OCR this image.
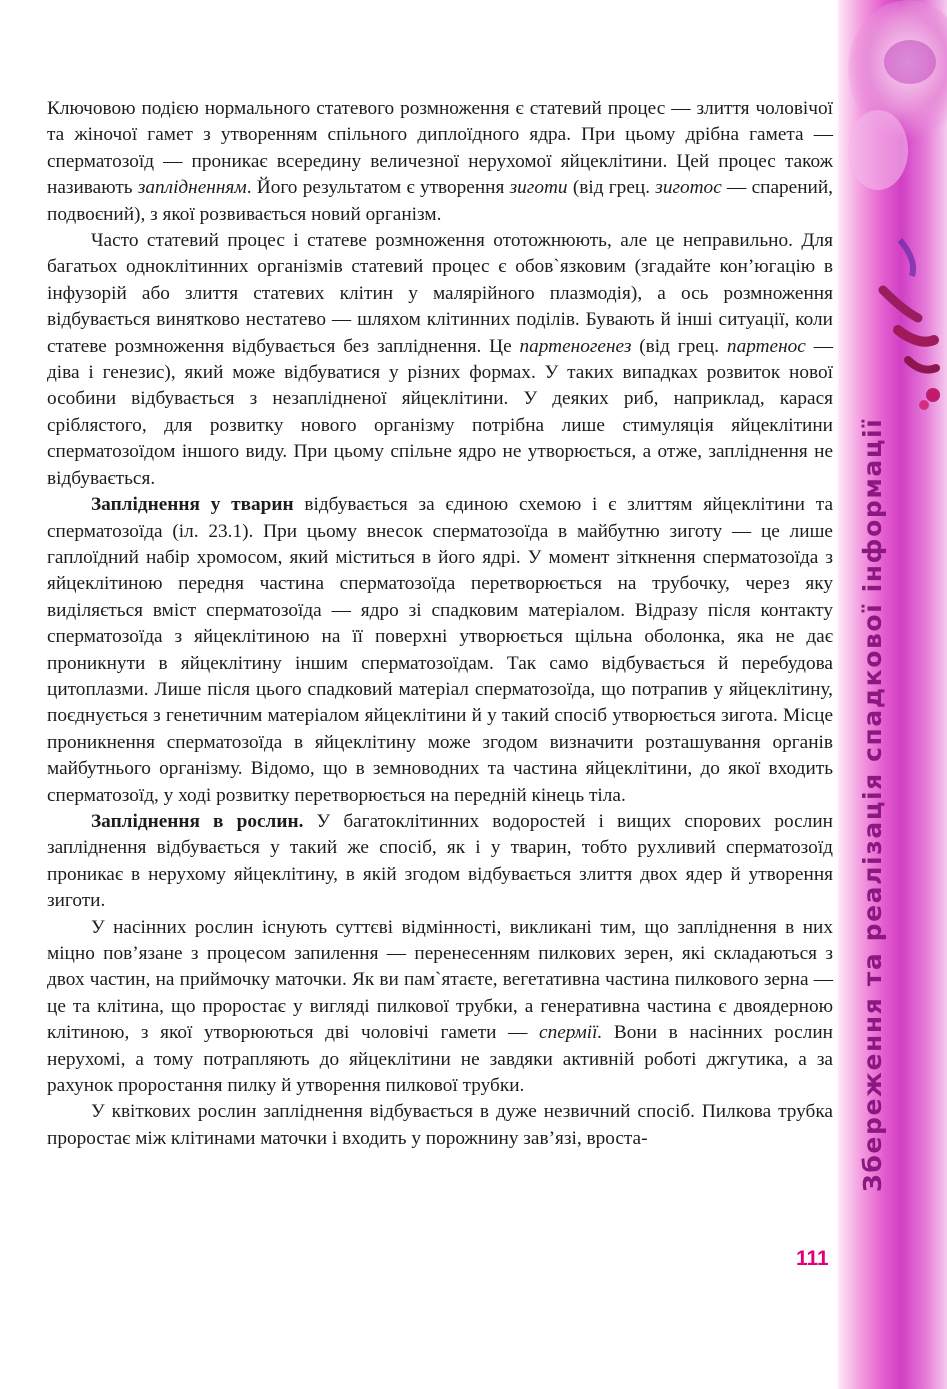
Ключовою подією нормального статевого розмноження є статевий процес — злиття чоловічої та жіночої гамет з утворенням спільного диплоїдного ядра. При цьому дрібна гамета — сперматозоїд — проникає всередину величезної нерухомої яйцеклітини. Цей процес також називають заплідненням. Його результатом є утворення зиготи (від грец. зиготос — спарений, подвоєний), з якої розвивається новий організм.

Часто статевий процес і статеве розмноження ототожнюють, але це неправильно. Для багатьох одноклітинних організмів статевий процес є обов`язковим (згадайте кон’югацію в інфузорій або злиття статевих клітин у малярійного плазмодія), а ось розмноження відбувається винятково нестатево — шляхом клітинних поділів. Бувають й інші ситуації, коли статеве розмноження відбувається без запліднення. Це партеногенез (від грец. партенос — діва і генезис), який може відбуватися у різних формах. У таких випадках розвиток нової особини відбувається з незаплідненої яйцеклітини. У деяких риб, наприклад, карася сріблястого, для розвитку нового організму потрібна лише стимуляція яйцеклітини сперматозоїдом іншого виду. При цьому спільне ядро не утворюється, а отже, запліднення не відбувається.

Запліднення у тварин відбувається за єдиною схемою і є злиттям яйцеклітини та сперматозоїда (іл. 23.1). При цьому внесок сперматозоїда в майбутню зиготу — це лише гаплоїдний набір хромосом, який міститься в його ядрі. У момент зіткнення сперматозоїда з яйцеклітиною передня частина сперматозоїда перетворюється на трубочку, через яку виділяється вміст сперматозоїда — ядро зі спадковим матеріалом. Відразу після контакту сперматозоїда з яйцеклітиною на її поверхні утворюється щільна оболонка, яка не дає проникнути в яйцеклітину іншим сперматозоїдам. Так само відбувається й перебудова цитоплазми. Лише після цього спадковий матеріал сперматозоїда, що потрапив у яйцеклітину, поєднується з генетичним матеріалом яйцеклітини й у такий спосіб утворюється зигота. Місце проникнення сперматозоїда в яйцеклітину може згодом визначити розташування органів майбутнього організму. Відомо, що в земноводних та частина яйцеклітини, до якої входить сперматозоїд, у ході розвитку перетворюється на передній кінець тіла.

Запліднення в рослин. У багатоклітинних водоростей і вищих спорових рослин запліднення відбувається у такий же спосіб, як і у тварин, тобто рухливий сперматозоїд проникає в нерухому яйцеклітину, в якій згодом відбувається злиття двох ядер й утворення зиготи.

У насінних рослин існують суттєві відмінності, викликані тим, що запліднення в них міцно пов’язане з процесом запилення — перенесенням пилкових зерен, які складаються з двох частин, на приймочку маточки. Як ви пам`ятаєте, вегетативна частина пилкового зерна — це та клітина, що проростає у вигляді пилкової трубки, а генеративна частина є двоядерною клітиною, з якої утворюються дві чоловічі гамети — спермії. Вони в насінних рослин нерухомі, а тому потрапляють до яйцеклітини не завдяки активній роботі джгутика, а за рахунок проростання пилку й утворення пилкової трубки.

У квіткових рослин запліднення відбувається в дуже незвичний спосіб. Пилкова трубка проростає між клітинами маточки і входить у порожнину зав’язі, вроста-

111
Збереження та реалізація спадкової інформації
